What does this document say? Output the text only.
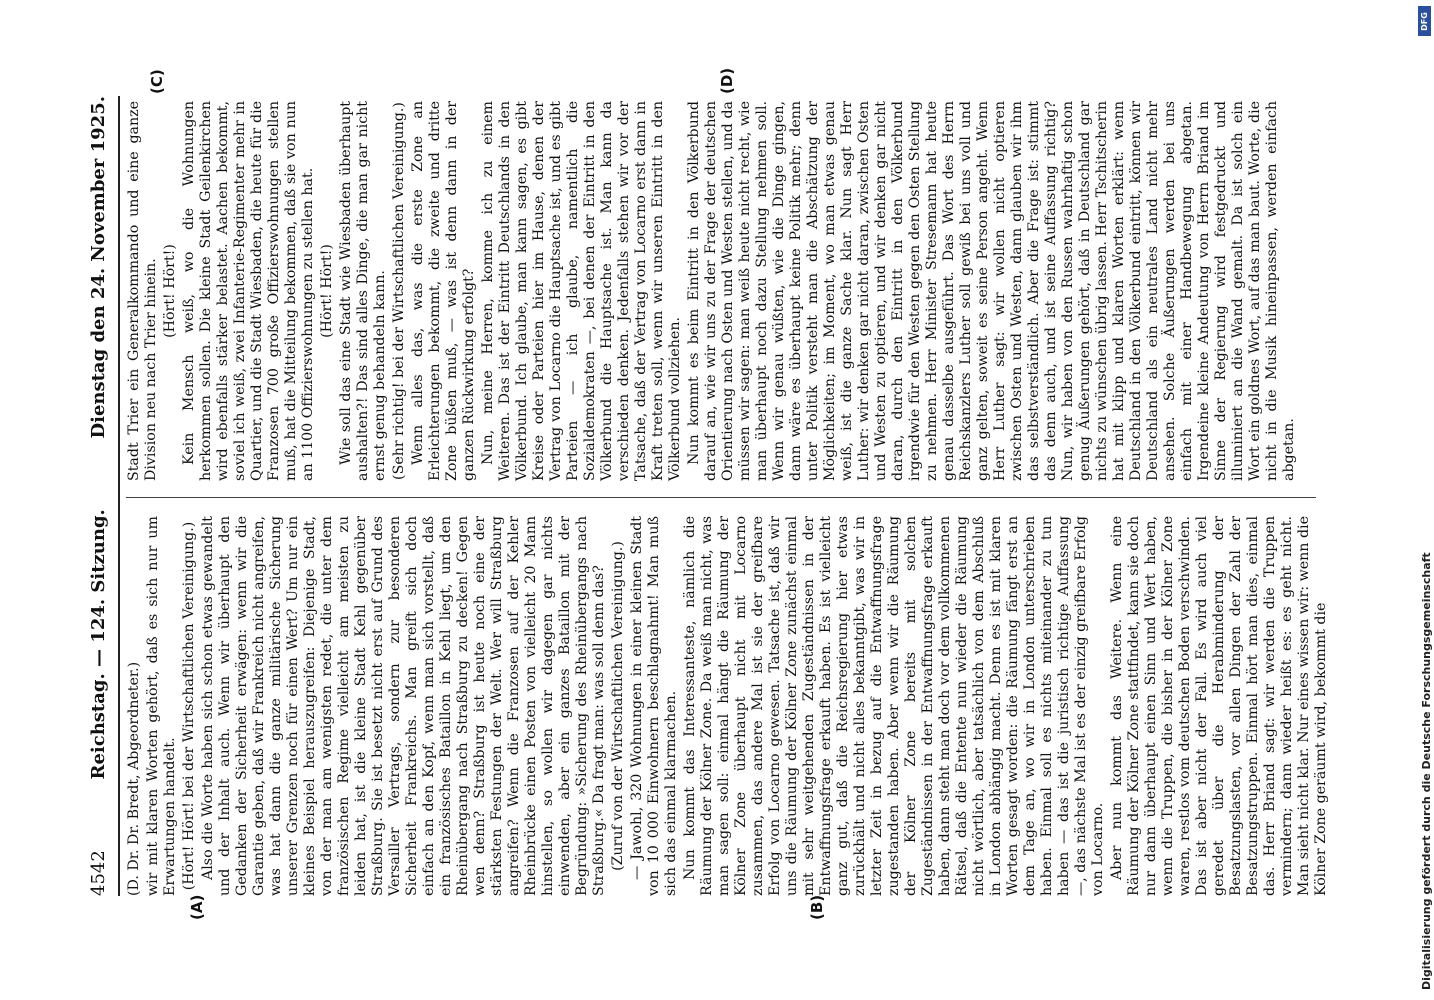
4542
Reichstag. — 124. Sitzung.
Dienstag den 24. November 1925.
(A)	(B)
(C)	(D)

(D. Dr. Dr. Bredt, Abgeordneter.) wir mit klaren Worten gehört, daß es sich nur um Erwartungen handelt. (Hört! Hört! bei der Wirtschaftlichen Vereinigung.) Also die Worte haben sich schon etwas gewandelt und der Inhalt auch. Wenn wir überhaupt den Gedanken der Sicherheit erwägen: wenn wir die Garantie geben, daß wir Frankreich nicht angreifen, was hat dann die ganze militärische Sicherung unserer Grenzen noch für einen Wert? Um nur ein kleines Beispiel herauszugreifen: Diejenige Stadt, von der man am wenigsten redet, die unter dem französischen Regime vielleicht am meisten zu leiden hat, ist die kleine Stadt Kehl gegenüber Straßburg. Sie ist besetzt nicht erst auf Grund des Versailler Vertrags, sondern zur besonderen Sicherheit Frankreichs. Man greift sich doch einfach an den Kopf, wenn man sich vorstellt, daß ein französisches Bataillon in Kehl liegt, um den Rheinübergang nach Straßburg zu decken! Gegen wen denn? Straßburg ist heute noch eine der stärksten Festungen der Welt. Wer will Straßburg angreifen? Wenn die Franzosen auf der Kehler Rheinbrücke einen Posten von vielleicht 20 Mann hinstellen, so wollen wir dagegen gar nichts einwenden, aber ein ganzes Bataillon mit der Begründung: »Sicherung des Rheinübergangs nach Straßburg.« Da fragt man: was soll denn das? (Zuruf von der Wirtschaftlichen Vereinigung.) — Jawohl, 320 Wohnungen in einer kleinen Stadt von 10 000 Einwohnern beschlagnahmt! Man muß sich das einmal klarmachen. Nun kommt das Interessanteste, nämlich die Räumung der Kölner Zone. Da weiß man nicht, was man sagen soll: einmal hängt die Räumung der Kölner Zone überhaupt nicht mit Locarno zusammen, das andere Mal ist sie der greifbare Erfolg von Locarno gewesen. Tatsache ist, daß wir uns die Räumung der Kölner Zone zunächst einmal mit sehr weitgehenden Zugeständnissen in der Entwaffnungsfrage erkauft haben. Es ist vielleicht ganz gut, daß die Reichsregierung hier etwas zurückhält und nicht alles bekanntgibt, was wir in letzter Zeit in bezug auf die Entwaffnungsfrage zugestanden haben. Aber wenn wir die Räumung der Kölner Zone bereits mit solchen Zugeständnissen in der Entwaffnungsfrage erkauft haben, dann steht man doch vor dem vollkommenen Rätsel, daß die Entente nun wieder die Räumung nicht wörtlich, aber tatsächlich von dem Abschluß in London abhängig macht. Denn es ist mit klaren Worten gesagt worden: die Räumung fängt erst an dem Tage an, wo wir in London unterschrieben haben. Einmal soll es nichts miteinander zu tun haben — das ist die juristisch richtige Auffassung —, das nächste Mal ist es der einzig greifbare Erfolg von Locarno. Aber nun kommt das Weitere. Wenn eine Räumung der Kölner Zone stattfindet, kann sie doch nur dann überhaupt einen Sinn und Wert haben, wenn die Truppen, die bisher in der Kölner Zone waren, restlos vom deutschen Boden verschwinden. Das ist aber nicht der Fall. Es wird auch viel geredet über die Herabminderung der Besatzungslasten, vor allen Dingen der Zahl der Besatzungstruppen. Einmal hört man dies, einmal das. Herr Briand sagt: wir werden die Truppen vermindern; dann wieder heißt es: es geht nicht. Man sieht nicht klar. Nur eines wissen wir: wenn die Kölner Zone geräumt wird, bekommt die

Stadt Trier ein Generalkommando und eine ganze Division neu nach Trier hinein. (Hört! Hört!) Kein Mensch weiß, wo die Wohnungen herkommen sollen. Die kleine Stadt Geilenkirchen wird ebenfalls stärker belastet. Aachen bekommt, soviel ich weiß, zwei Infanterie-Regimenter mehr in Quartier, und die Stadt Wiesbaden, die heute für die Franzosen 700 große Offizierswohnungen stellen muß, hat die Mitteilung bekommen, daß sie von nun an 1100 Offizierswohnungen zu stellen hat. (Hört! Hört!) Wie soll das eine Stadt wie Wiesbaden überhaupt aushalten?! Das sind alles Dinge, die man gar nicht ernst genug behandeln kann. (Sehr richtig! bei der Wirtschaftlichen Vereinigung.) Wenn alles das, was die erste Zone an Erleichterungen bekommt, die zweite und dritte Zone büßen muß, — was ist denn dann in der ganzen Rückwirkung erfolgt? Nun, meine Herren, komme ich zu einem Weiteren. Das ist der Eintritt Deutschlands in den Völkerbund. Ich glaube, man kann sagen, es gibt Kreise oder Parteien hier im Hause, denen der Vertrag von Locarno die Hauptsache ist, und es gibt Parteien — ich glaube, namentlich die Sozialdemokraten —, bei denen der Eintritt in den Völkerbund die Hauptsache ist. Man kann da verschieden denken. Jedenfalls stehen wir vor der Tatsache, daß der Vertrag von Locarno erst dann in Kraft treten soll, wenn wir unseren Eintritt in den Völkerbund vollziehen. Nun kommt es beim Eintritt in den Völkerbund darauf an, wie wir uns zu der Frage der deutschen Orientierung nach Osten und Westen stellen, und da müssen wir sagen: man weiß heute nicht recht, wie man überhaupt noch dazu Stellung nehmen soll. Wenn wir genau wüßten, wie die Dinge gingen, dann wäre es überhaupt keine Politik mehr; denn unter Politik versteht man die Abschätzung der Möglichkeiten; im Moment, wo man etwas genau weiß, ist die ganze Sache klar. Nun sagt Herr Luther: wir denken gar nicht daran, zwischen Osten und Westen zu optieren, und wir denken gar nicht daran, durch den Eintritt in den Völkerbund irgendwie für den Westen gegen den Osten Stellung zu nehmen. Herr Minister Stresemann hat heute genau dasselbe ausgeführt. Das Wort des Herrn Reichskanzlers Luther soll gewiß bei uns voll und ganz gelten, soweit es seine Person angeht. Wenn Herr Luther sagt: wir wollen nicht optieren zwischen Osten und Westen, dann glauben wir ihm das selbstverständlich. Aber die Frage ist: stimmt das denn auch, und ist seine Auffassung richtig? Nun, wir haben von den Russen wahrhaftig schon genug Äußerungen gehört, daß in Deutschland gar nichts zu wünschen übrig lassen. Herr Tschitscherin hat mit klipp und klaren Worten erklärt: wenn Deutschland in den Völkerbund eintritt, können wir Deutschland als ein neutrales Land nicht mehr ansehen. Solche Äußerungen werden bei uns einfach mit einer Handbewegung abgetan. Irgendeine kleine Andeutung von Herrn Briand im Sinne der Regierung wird festgedruckt und illuminiert an die Wand gemalt. Da ist solch ein Wort ein goldnes Wort, auf das man baut. Worte, die nicht in die Musik hineinpassen, werden einfach abgetan.

DFG
Digitalisierung gefördert durch die Deutsche Forschungsgemeinschaft
